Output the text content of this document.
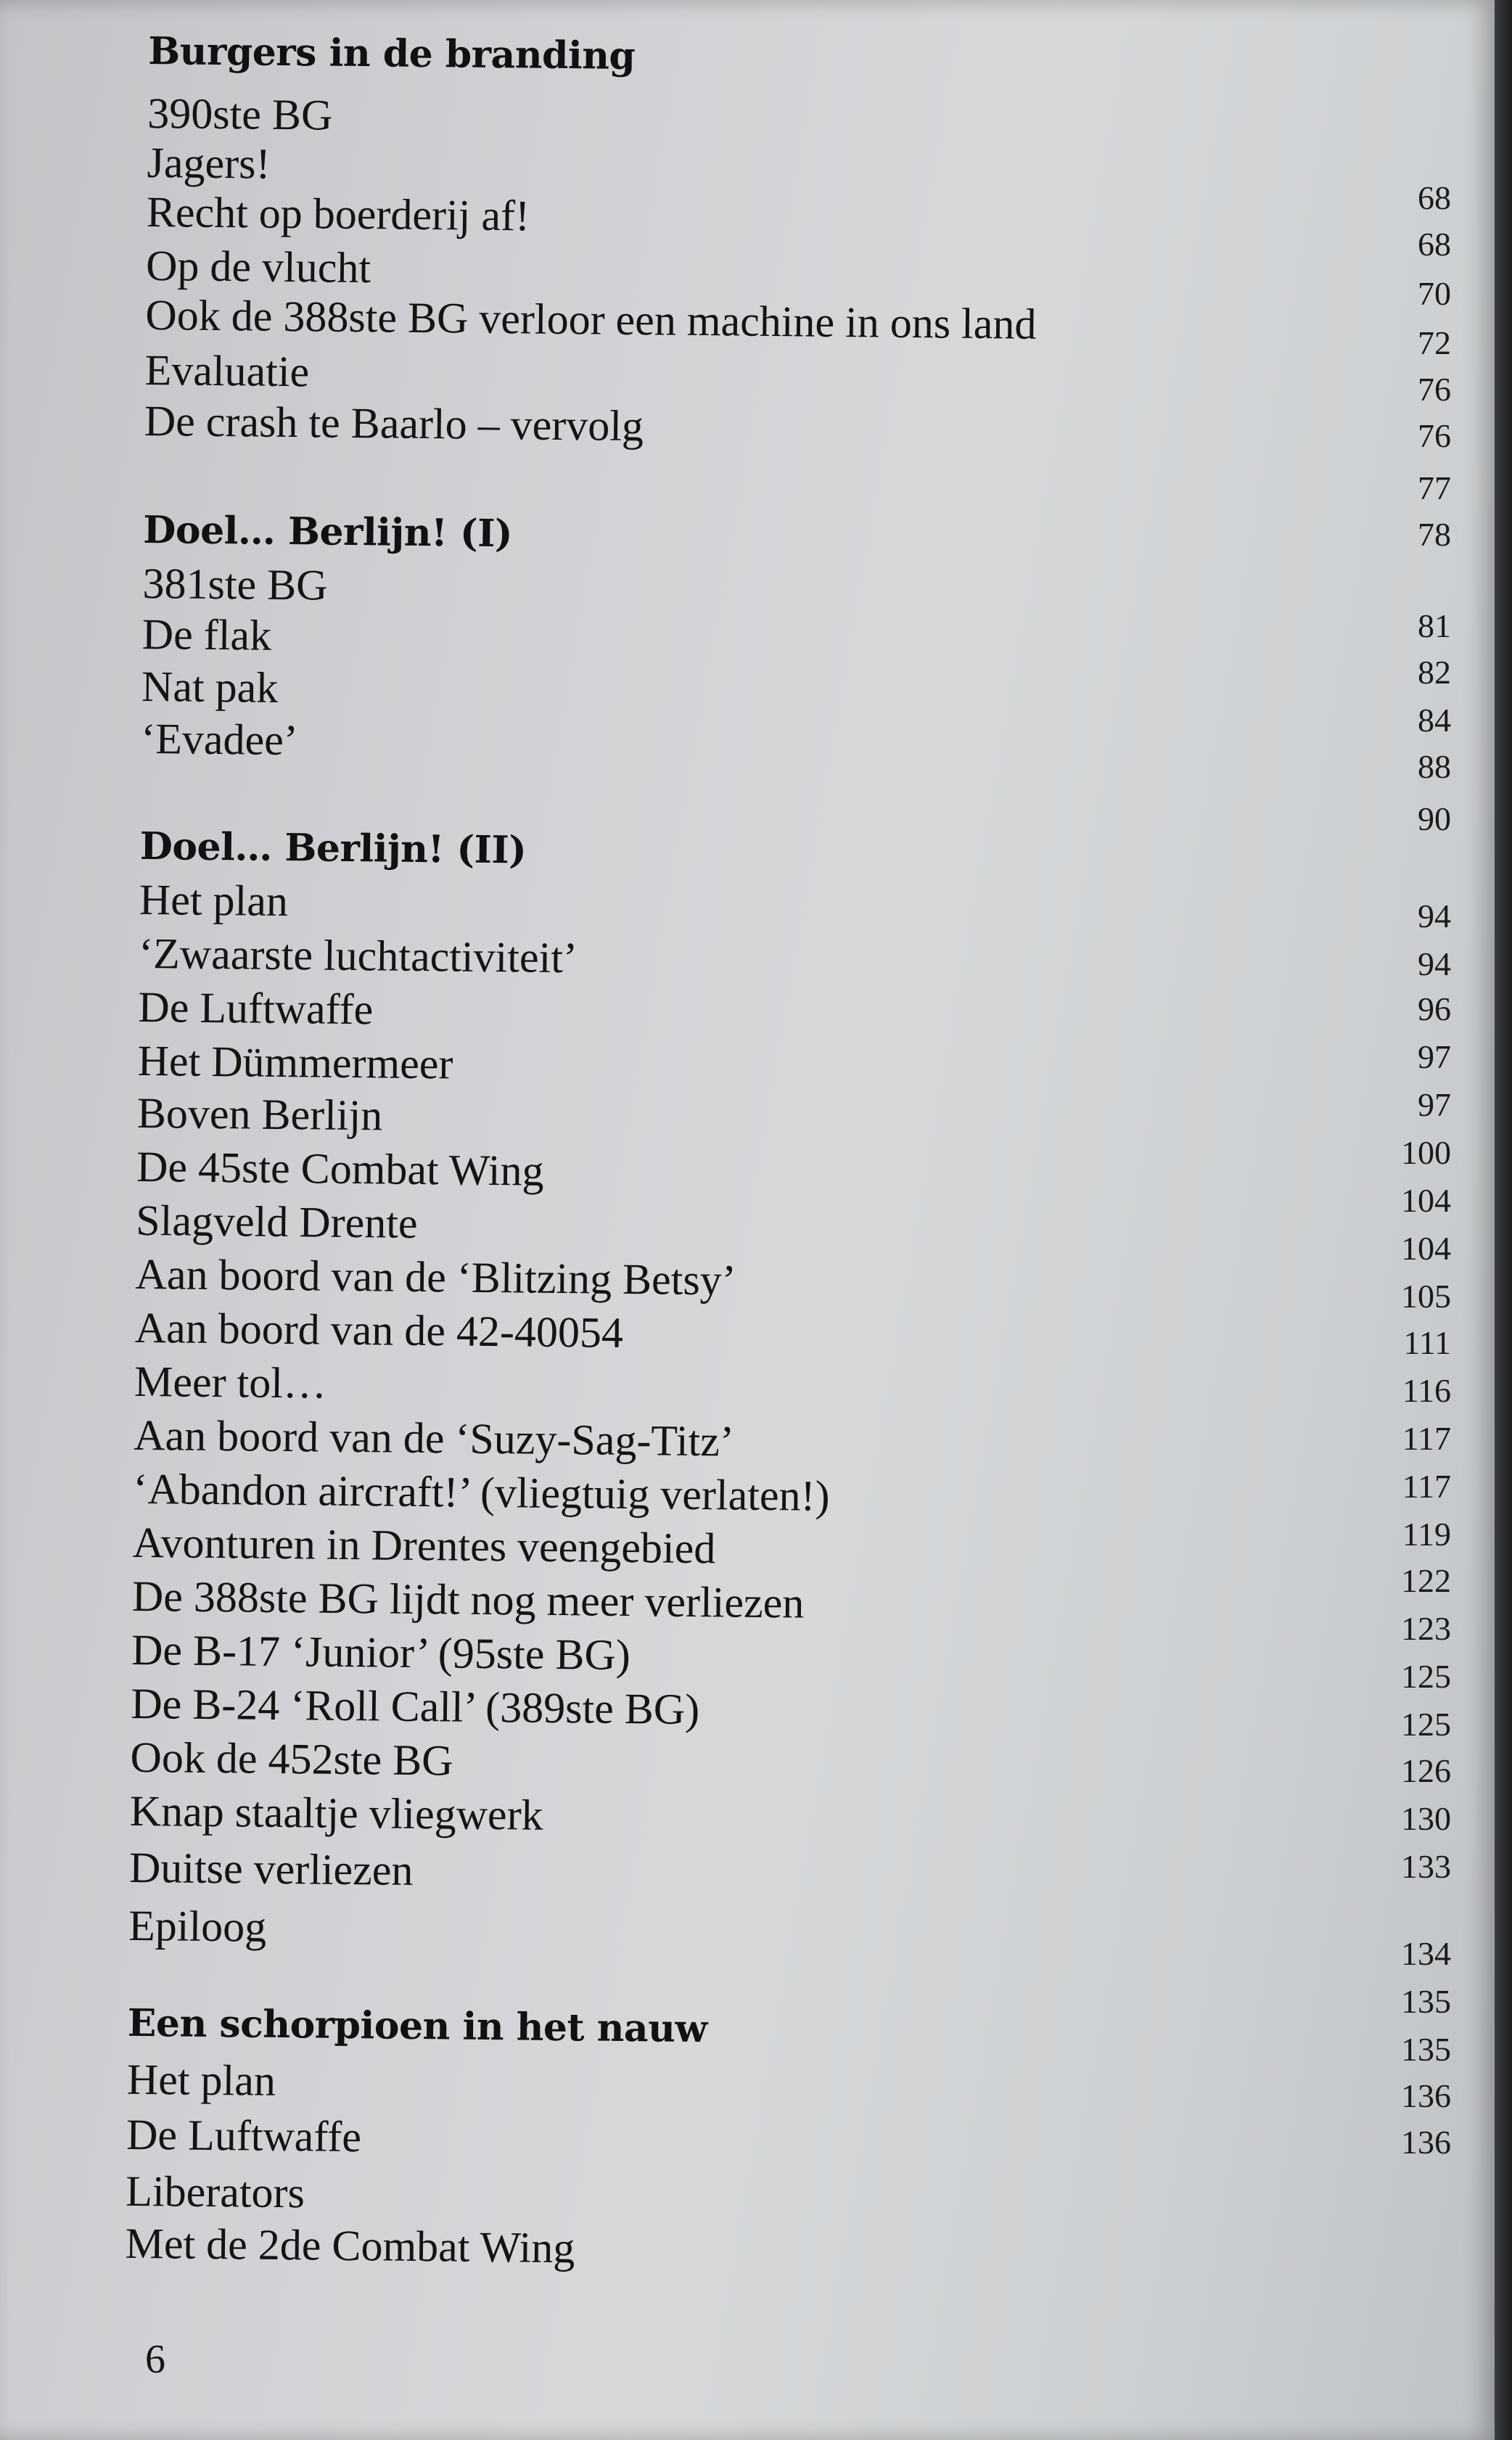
Burgers in de branding
390ste BG
Jagers!
Recht op boerderij af!
Op de vlucht
Ook de 388ste BG verloor een machine in ons land
Evaluatie
De crash te Baarlo – vervolg
Doel… Berlijn! (I)
381ste BG
De flak
Nat pak
‘Evadee’
Doel… Berlijn! (II)
Het plan
‘Zwaarste luchtactiviteit’
De Luftwaffe
Het Dümmermeer
Boven Berlijn
De 45ste Combat Wing
Slagveld Drente
Aan boord van de ‘Blitzing Betsy’
Aan boord van de 42-40054
Meer tol…
Aan boord van de ‘Suzy-Sag-Titz’
‘Abandon aircraft!’ (vliegtuig verlaten!)
Avonturen in Drentes veengebied
De 388ste BG lijdt nog meer verliezen
De B-17 ‘Junior’ (95ste BG)
De B-24 ‘Roll Call’ (389ste BG)
Ook de 452ste BG
Knap staaltje vliegwerk
Duitse verliezen
Epiloog
Een schorpioen in het nauw
Het plan
De Luftwaffe
Liberators
Met de 2de Combat Wing
68
68
70
72
76
76
77
78
81
82
84
88
90
94
94
96
97
97
100
104
104
105
111
116
117
117
119
122
123
125
125
126
130
133
134
135
135
136
136
6
